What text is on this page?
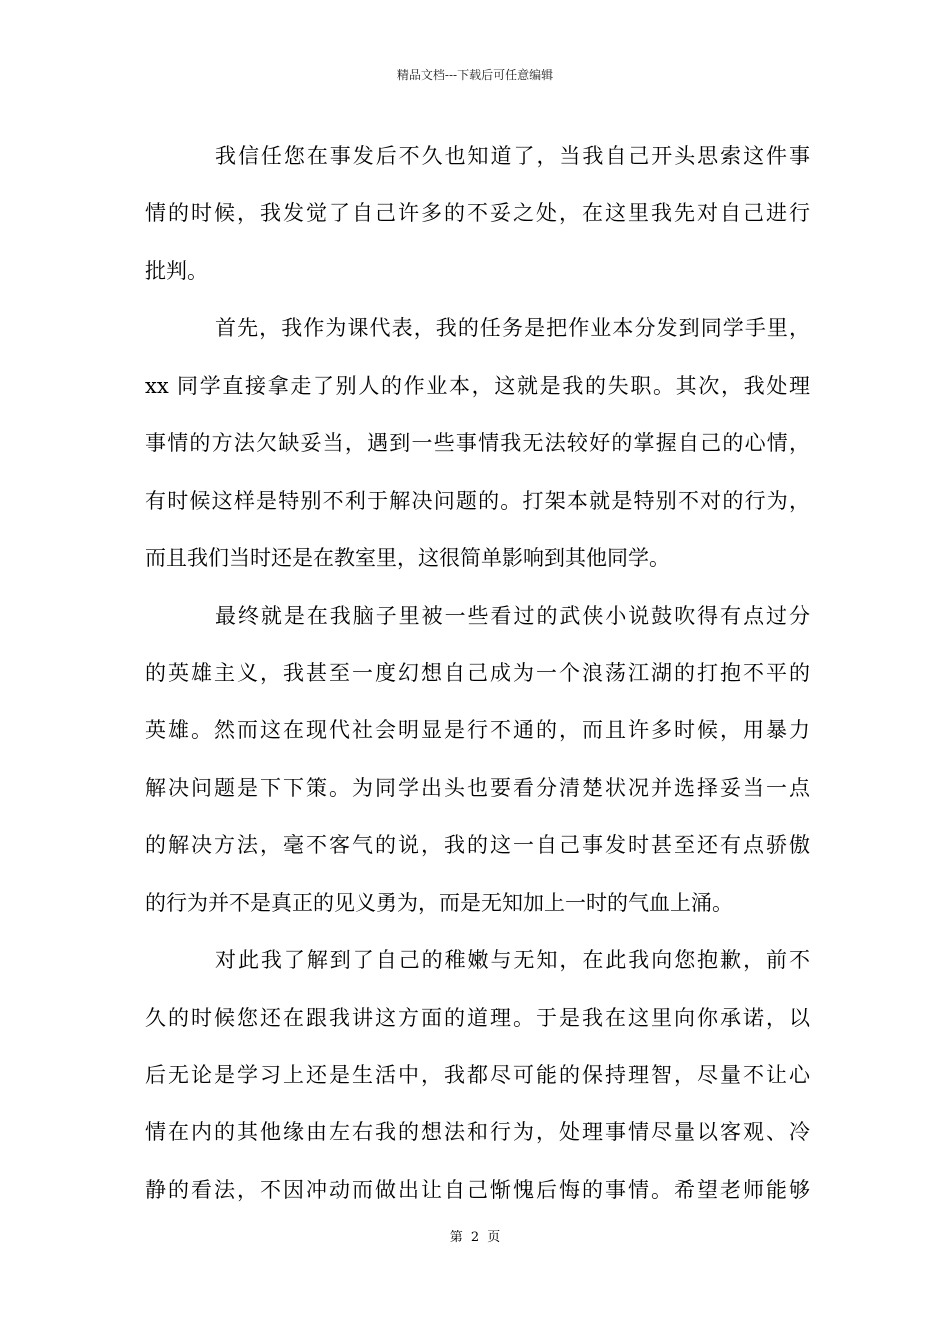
精品文档---下载后可任意编辑
我信任您在事发后不久也知道了，当我自己开头思索这件事
情的时候，我发觉了自己许多的不妥之处，在这里我先对自己进行
批判。
首先，我作为课代表，我的任务是把作业本分发到同学手里，
xx 同学直接拿走了别人的作业本，这就是我的失职。其次，我处理
事情的方法欠缺妥当，遇到一些事情我无法较好的掌握自己的心情，
有时候这样是特别不利于解决问题的。打架本就是特别不对的行为，
而且我们当时还是在教室里，这很简单影响到其他同学。
最终就是在我脑子里被一些看过的武侠小说鼓吹得有点过分
的英雄主义，我甚至一度幻想自己成为一个浪荡江湖的打抱不平的
英雄。然而这在现代社会明显是行不通的，而且许多时候，用暴力
解决问题是下下策。为同学出头也要看分清楚状况并选择妥当一点
的解决方法，毫不客气的说，我的这一自己事发时甚至还有点骄傲
的行为并不是真正的见义勇为，而是无知加上一时的气血上涌。
对此我了解到了自己的稚嫩与无知，在此我向您抱歉，前不
久的时候您还在跟我讲这方面的道理。于是我在这里向你承诺，以
后无论是学习上还是生活中，我都尽可能的保持理智，尽量不让心
情在内的其他缘由左右我的想法和行为，处理事情尽量以客观、冷
静的看法，不因冲动而做出让自己惭愧后悔的事情。希望老师能够
第 2 页
